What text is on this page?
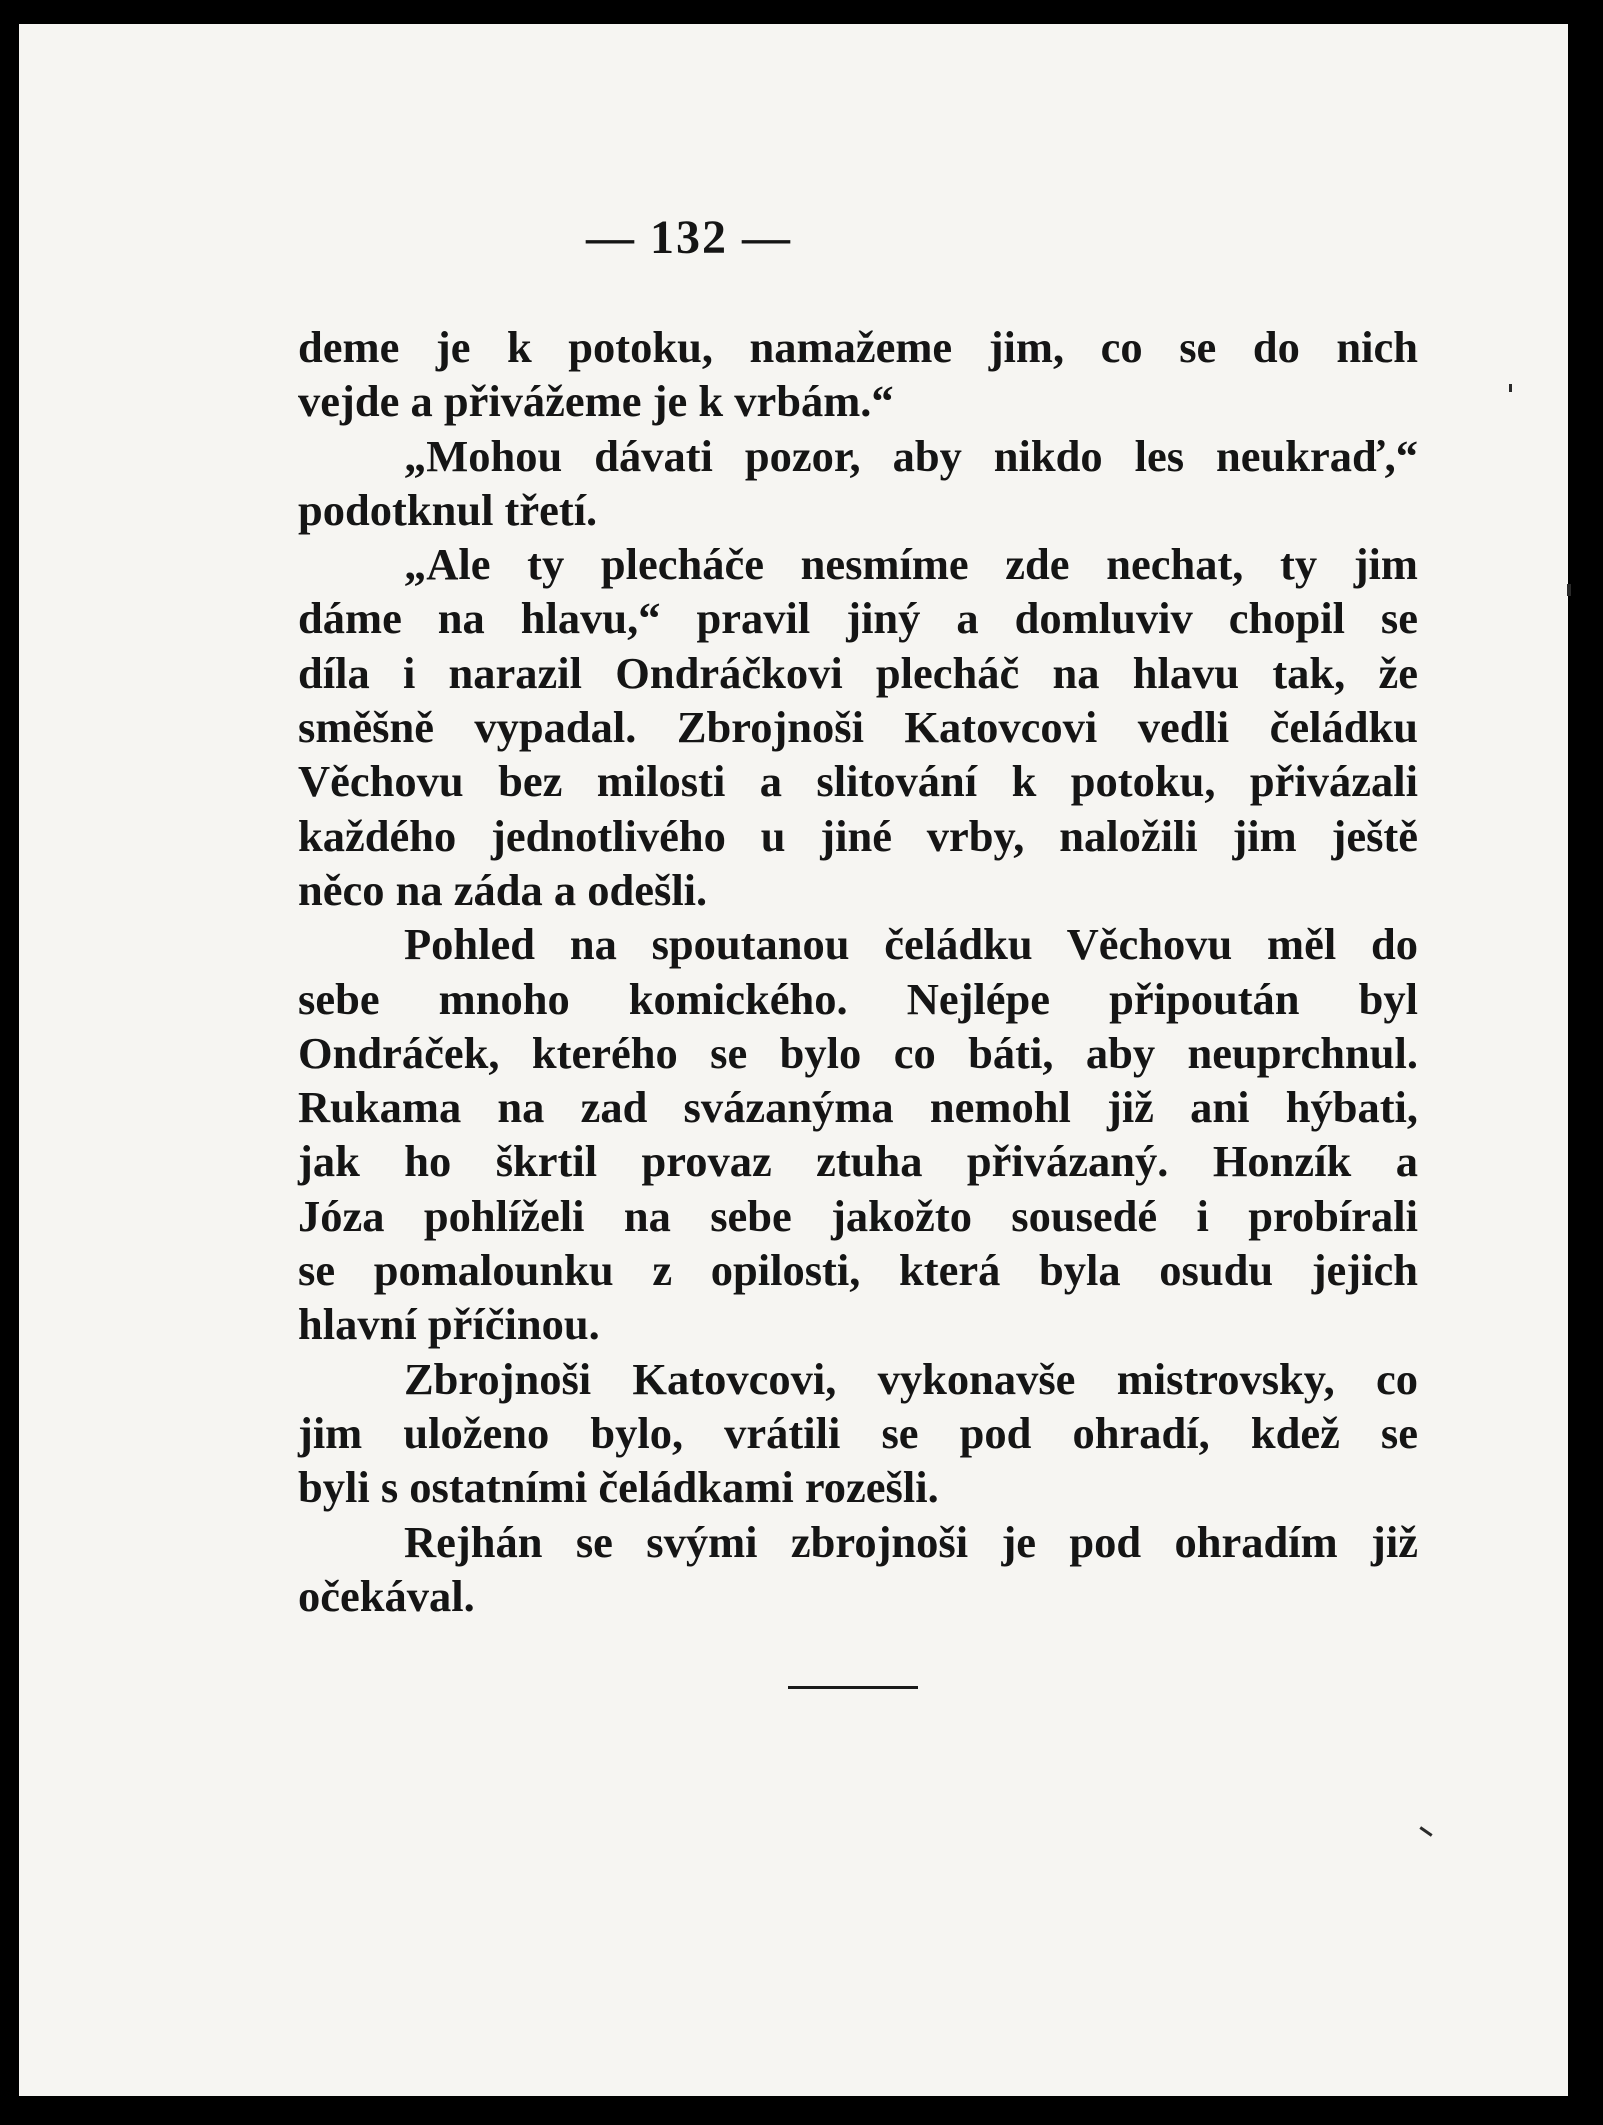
— 132 —
deme je k potoku, namažeme jim, co se do nich
vejde a přivážeme je k vrbám.“
„Mohou dávati pozor, aby nikdo les neukraď,“
podotknul třetí.
„Ale ty plecháče nesmíme zde nechat, ty jim
dáme na hlavu,“ pravil jiný a domluviv chopil se
díla i narazil Ondráčkovi plecháč na hlavu tak, že
směšně vypadal. Zbrojnoši Katovcovi vedli čeládku
Věchovu bez milosti a slitování k potoku, přivázali
každého jednotlivého u jiné vrby, naložili jim ještě
něco na záda a odešli.
Pohled na spoutanou čeládku Věchovu měl do
sebe mnoho komického. Nejlépe připoután byl
Ondráček, kterého se bylo co báti, aby neuprchnul.
Rukama na zad svázanýma nemohl již ani hýbati,
jak ho škrtil provaz ztuha přivázaný. Honzík a
Józa pohlíželi na sebe jakožto sousedé i probírali
se pomalounku z opilosti, která byla osudu jejich
hlavní příčinou.
Zbrojnoši Katovcovi, vykonavše mistrovsky, co
jim uloženo bylo, vrátili se pod ohradí, kdež se
byli s ostatními čeládkami rozešli.
Rejhán se svými zbrojnoši je pod ohradím již
očekával.
